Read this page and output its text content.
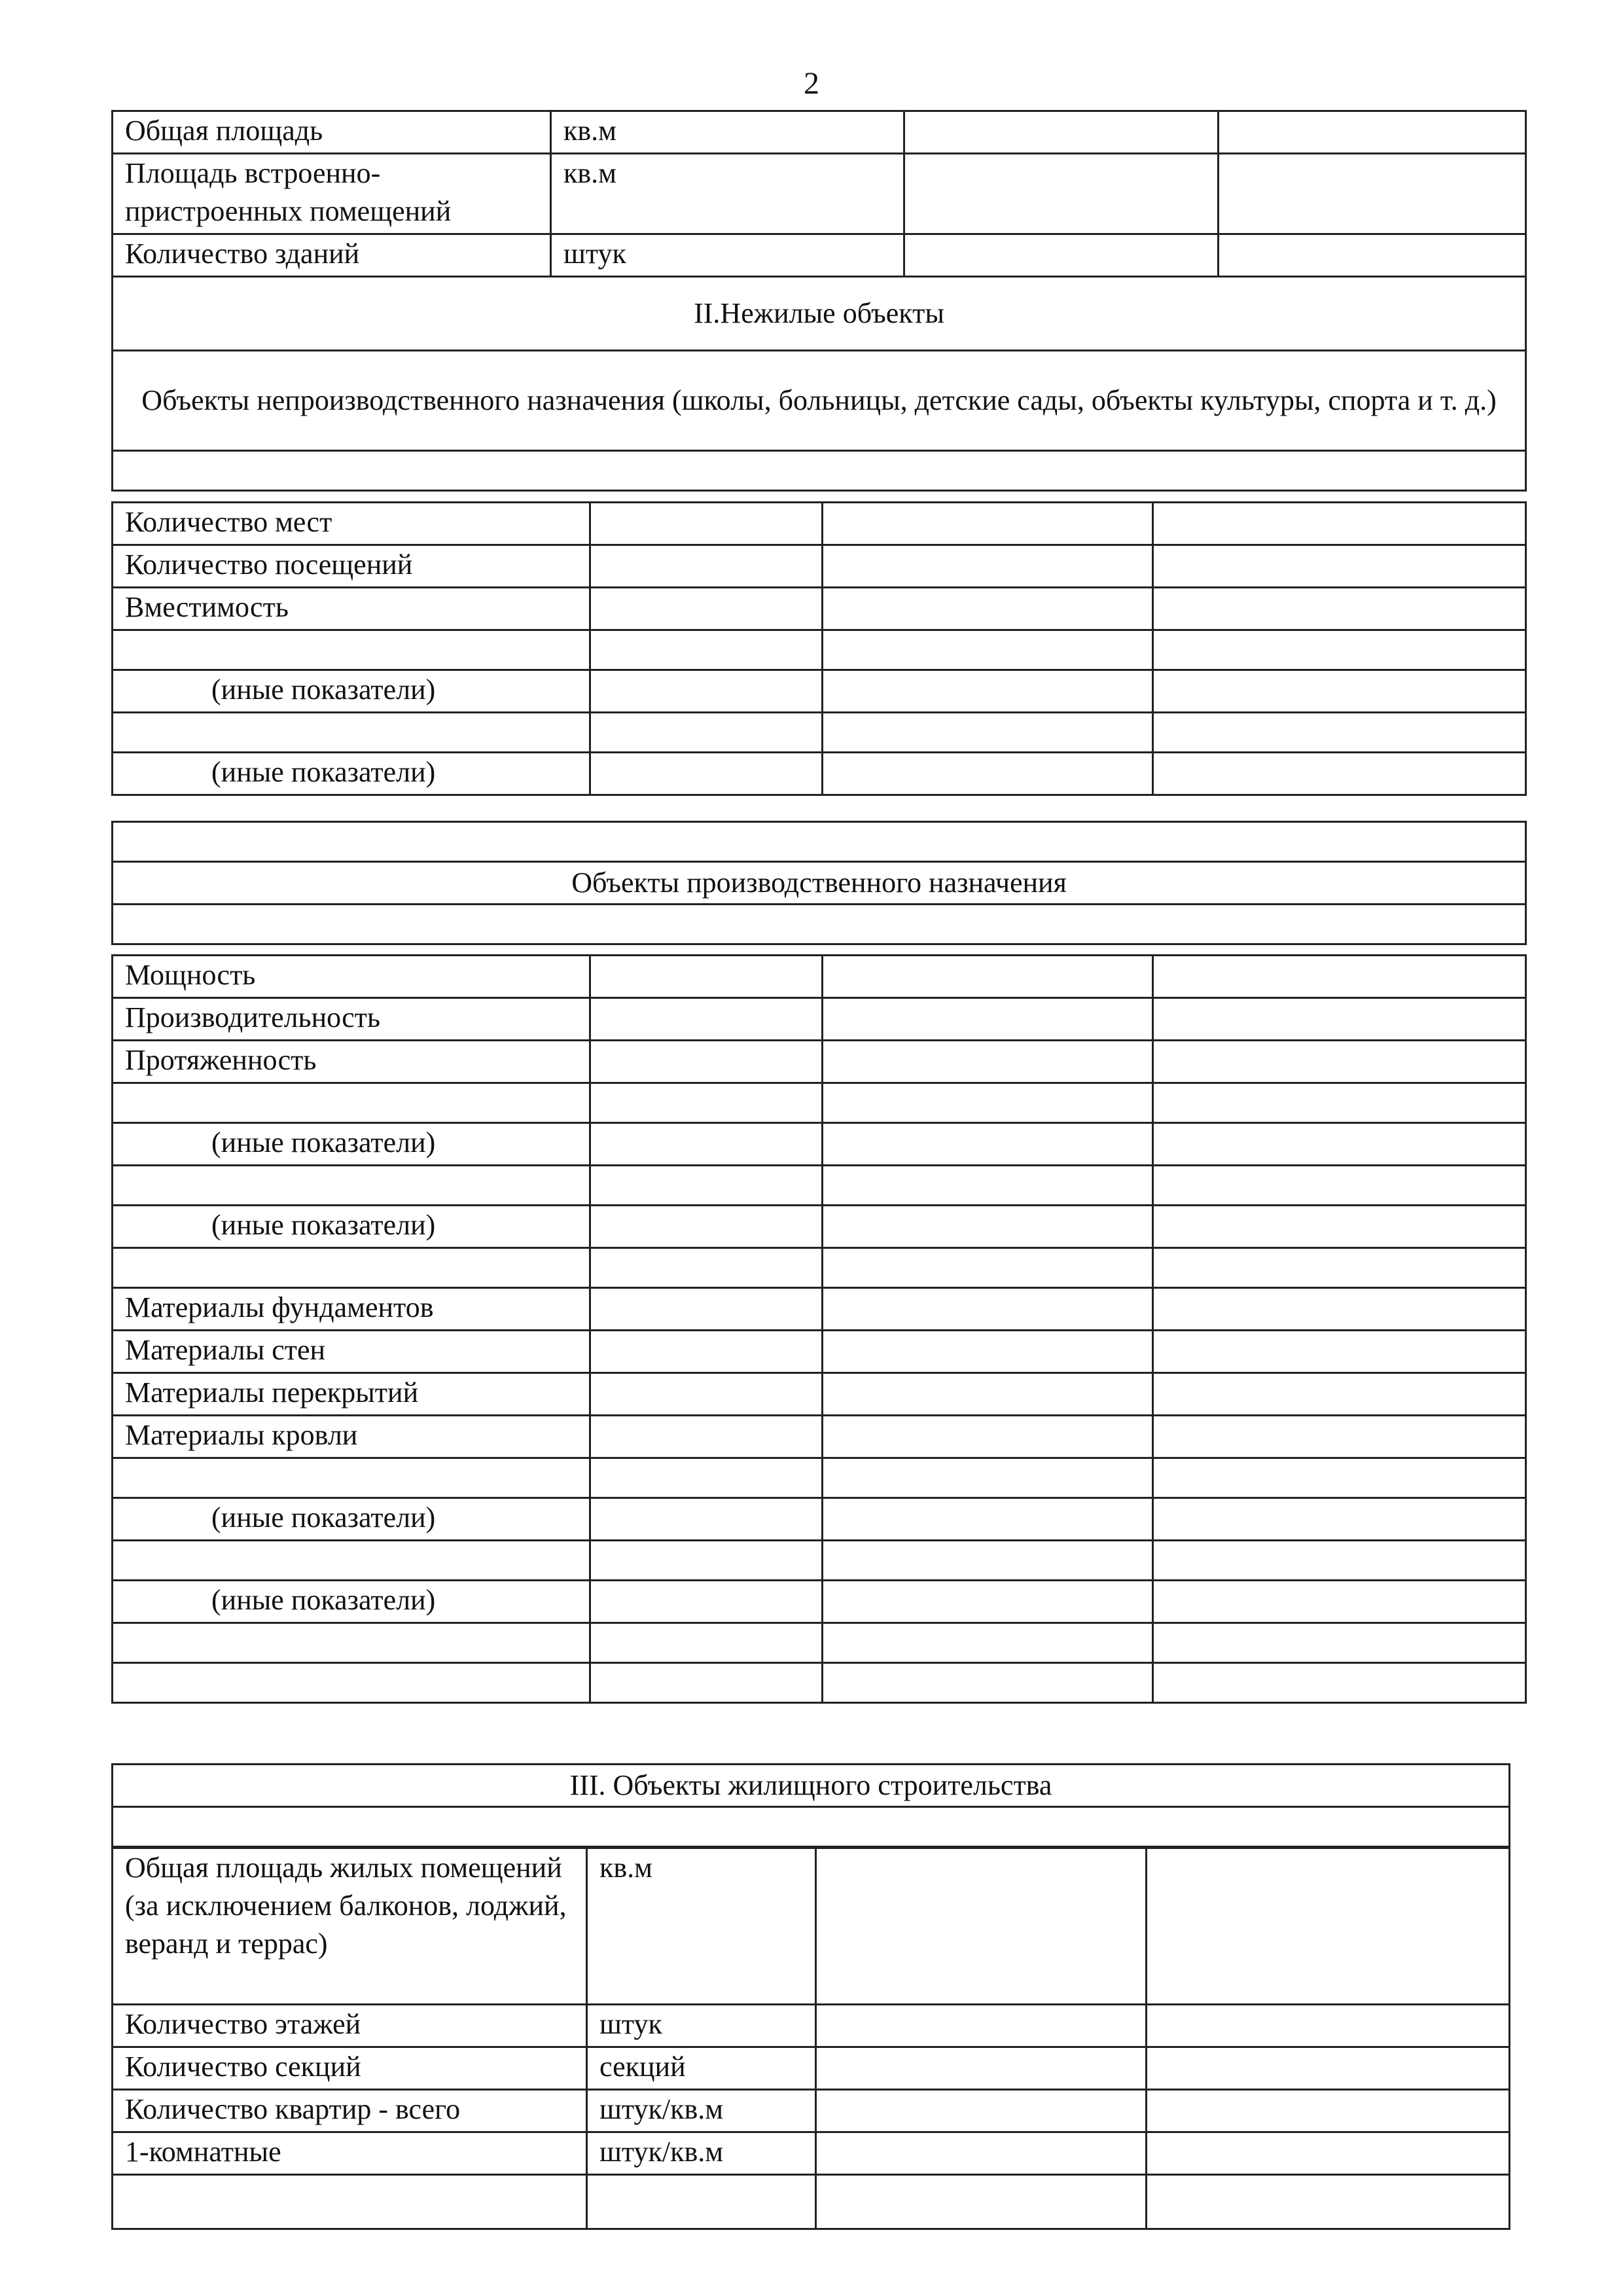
2
Общая площадь	кв.м		
Площадь встроенно-пристроенных помещений	кв.м		
Количество зданий	штук		
II.Нежилые объекты			
Объекты непроизводственного назначения (школы, больницы, детские сады, объекты культуры, спорта и т. д.)			

Количество мест			
Количество посещений			
Вместимость			

(иные показатели)			

(иные показатели)			

Объекты производственного назначения

Мощность			
Производительность			
Протяженность			

(иные показатели)			

(иные показатели)			

Материалы фундаментов			
Материалы стен			
Материалы перекрытий			
Материалы кровли			

(иные показатели)			

(иные показатели)			

III. Объекты жилищного строительства

Общая площадь жилых помещений (за исключением балконов, лоджий, веранд и террас)	кв.м		
Количество этажей	штук		
Количество секций	секций		
Количество квартир - всего	штук/кв.м		
1-комнатные	штук/кв.м		
